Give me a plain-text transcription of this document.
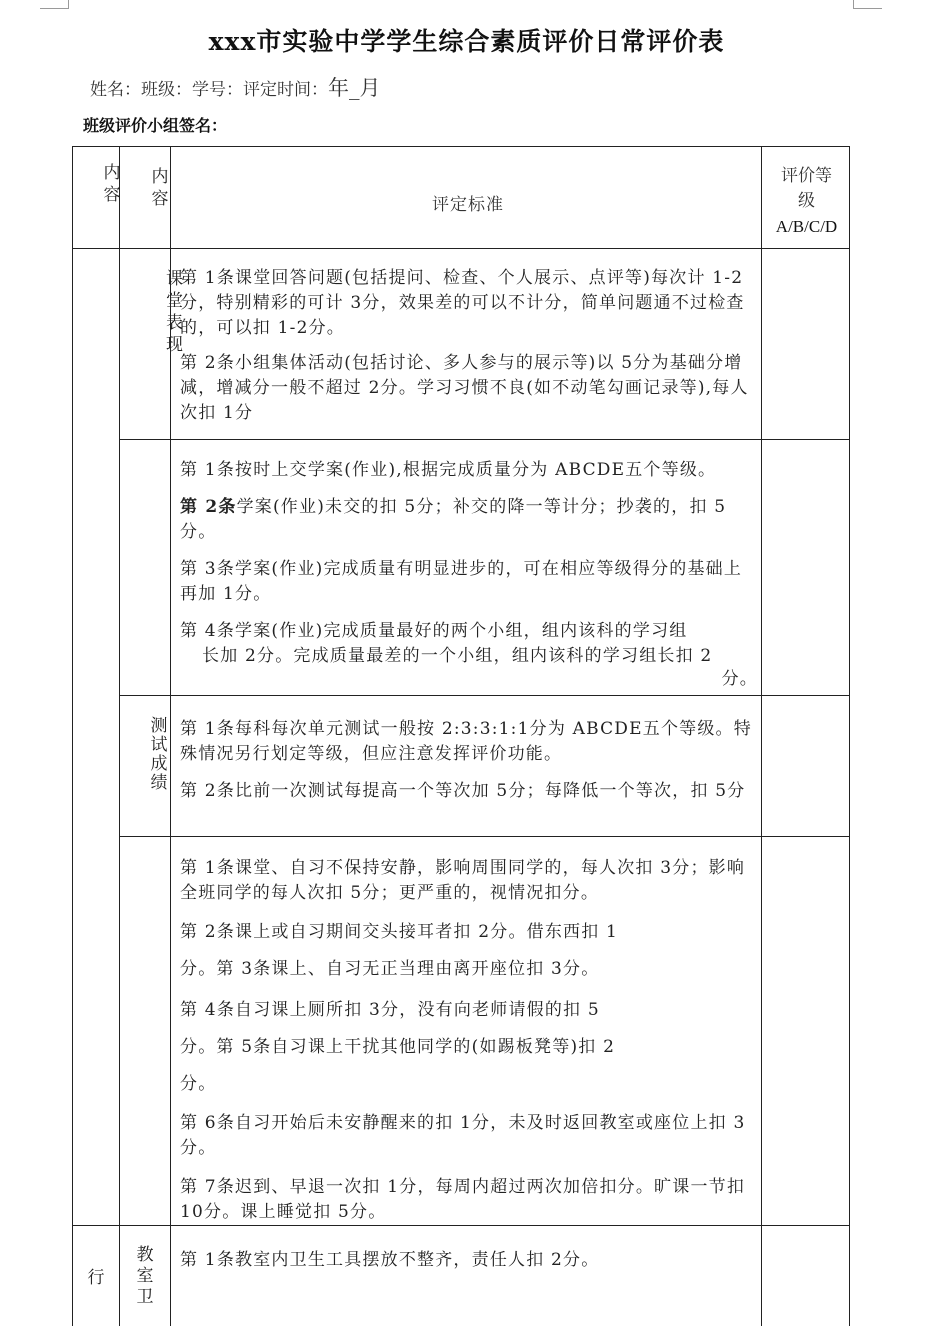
xxx市实验中学学生综合素质评价日常评价表
姓名：班级：学号：评定时间：年_月
班级评价小组签名：
内容
内容	评定标准
评价等级
A/B/C/D
课堂表现

第 1条课堂回答问题(包括提问、检查、个人展示、点评等)每次计 1-2分，特别精彩的可计 3分，效果差的可以不计分，简单问题通不过检查的，可以扣 1-2分。

第 2条小组集体活动(包括讨论、多人参与的展示等)以 5分为基础分增减，增减分一般不超过 2分。学习习惯不良(如不动笔勾画记录等),每人次扣 1分

第 1条按时上交学案(作业),根据完成质量分为 ABCDE五个等级。

第 2条学案(作业)未交的扣 5分；补交的降一等计分；抄袭的，扣 5分。

第 3条学案(作业)完成质量有明显进步的，可在相应等级得分的基础上再加 1分。

第 4条学案(作业)完成质量最好的两个小组，组内该科的学习组

长加 2分。完成质量最差的一个小组，组内该科的学习组长扣 2

分。

测试成绩

第 1条每科每次单元测试一般按 2:3:3:1:1分为 ABCDE五个等级。特殊情况另行划定等级，但应注意发挥评价功能。

第 2条比前一次测试每提高一个等次加 5分；每降低一个等次，扣 5分

第 1条课堂、自习不保持安静，影响周围同学的，每人次扣 3分；影响全班同学的每人次扣 5分；更严重的，视情况扣分。

第 2条课上或自习期间交头接耳者扣 2分。借东西扣 1

分。第 3条课上、自习无正当理由离开座位扣 3分。

第 4条自习课上厕所扣 3分，没有向老师请假的扣 5

分。第 5条自习课上干扰其他同学的(如踢板凳等)扣 2

分。

第 6条自习开始后未安静醒来的扣 1分，未及时返回教室或座位上扣 3分。

第 7条迟到、早退一次扣 1分，每周内超过两次加倍扣分。旷课一节扣 10分。课上睡觉扣 5分。

行
教室卫

第 1条教室内卫生工具摆放不整齐，责任人扣 2分。
